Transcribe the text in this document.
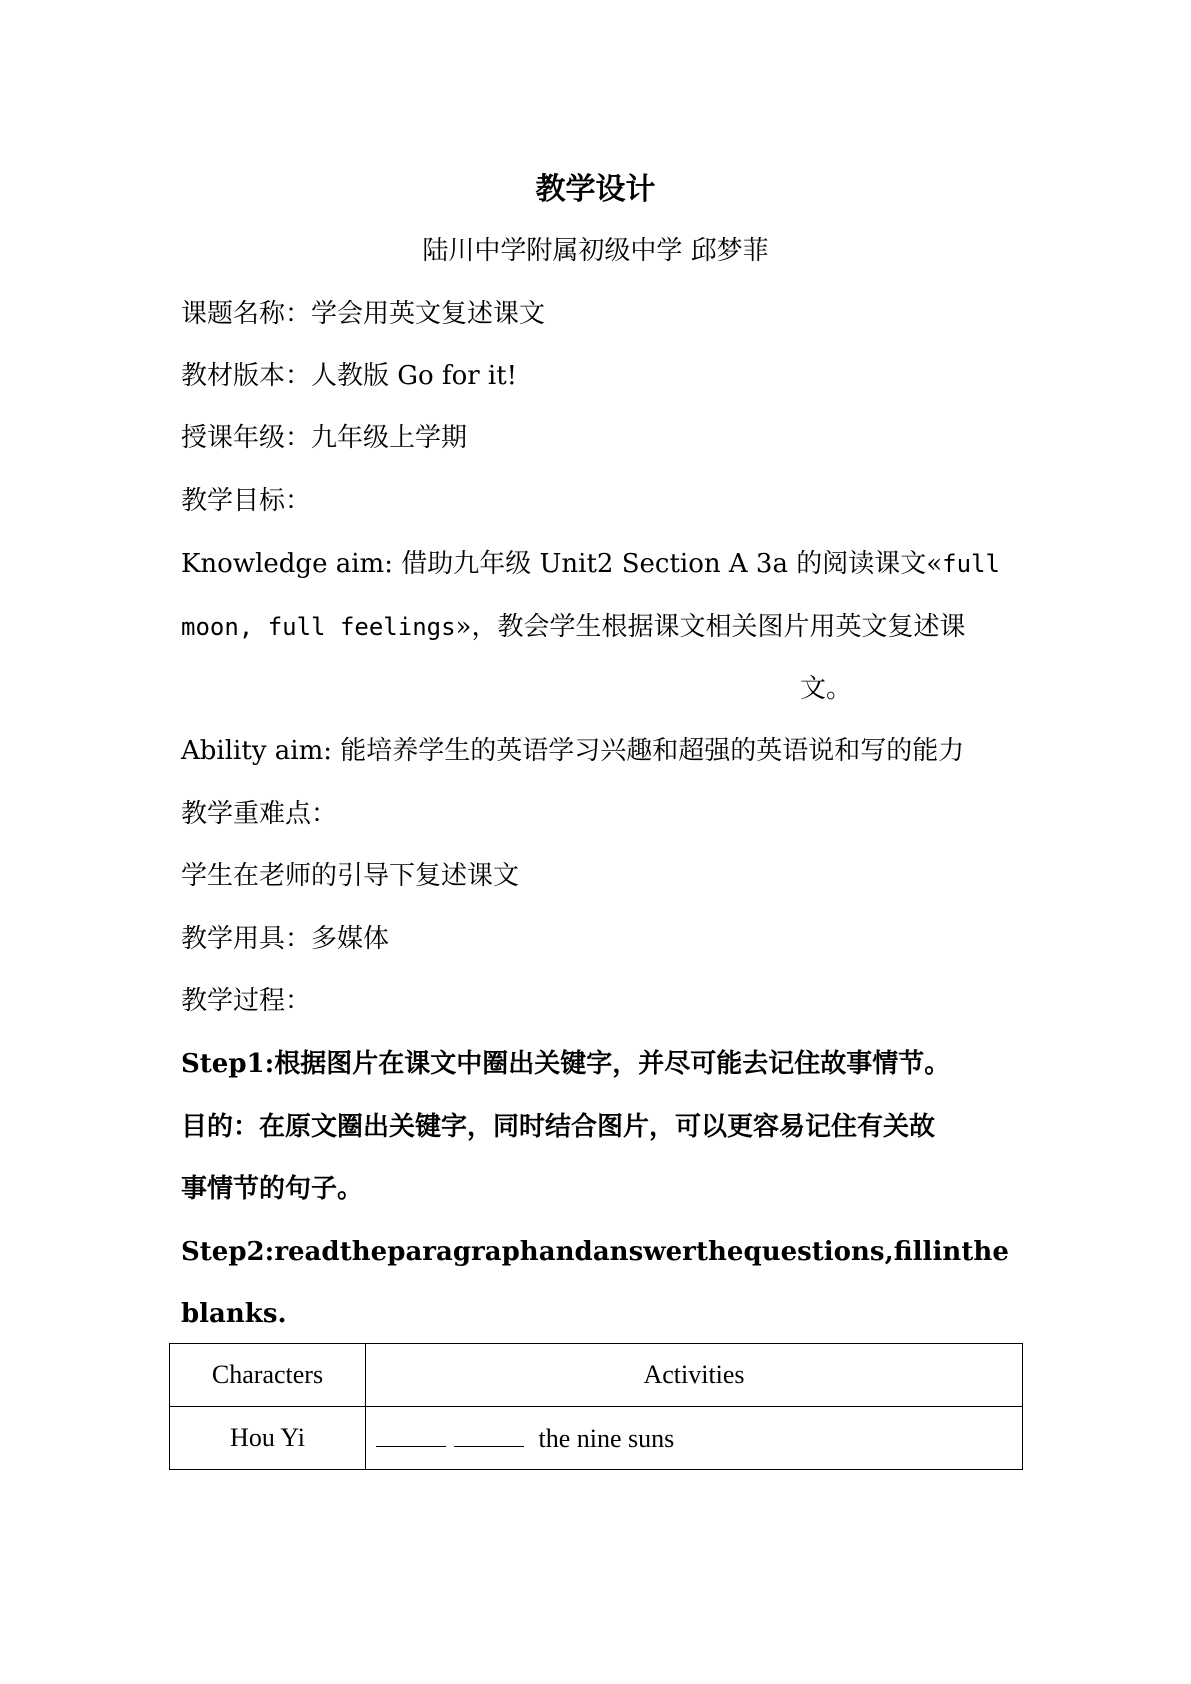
教学设计
陆川中学附属初级中学 邱梦菲
课题名称：学会用英文复述课文
教材版本：人教版 Go for it!
授课年级：九年级上学期
教学目标：
Knowledge aim: 借助九年级 Unit2 Section A 3a 的阅读课文«full
moon, full feelings»，教会学生根据课文相关图片用英文复述课
文。
Ability aim: 能培养学生的英语学习兴趣和超强的英语说和写的能力
教学重难点：
学生在老师的引导下复述课文
教学用具：多媒体
教学过程：
Step1:根据图片在课文中圈出关键字，并尽可能去记住故事情节。
目的：在原文圈出关键字，同时结合图片，可以更容易记住有关故
事情节的句子。
Step2: read the paragraph and answer the questions, fill in the
blanks.
Characters	Activities
Hou Yi	the nine suns
